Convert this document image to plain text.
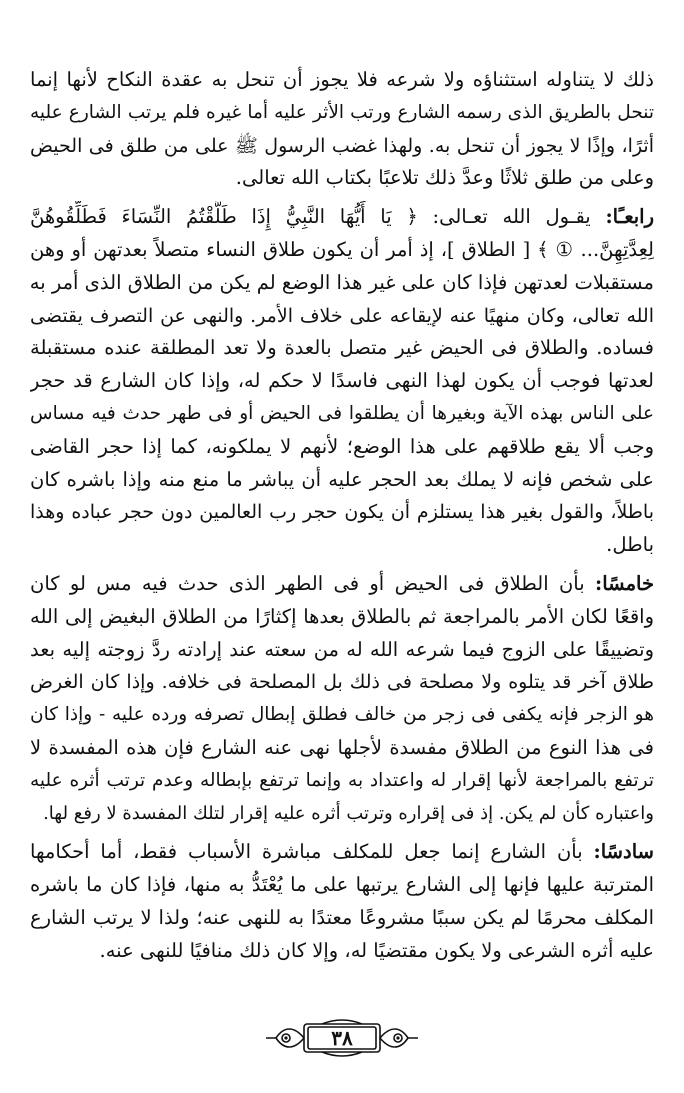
ذلك لا يتناوله استثناؤه ولا شرعه فلا يجوز أن تنحل به عقدة النكاح لأنها إنما
تنحل بالطريق الذى رسمه الشارع ورتب الأثر عليه أما غيره فلم يرتب الشارع عليه
أثرًا، وإذًا لا يجوز أن تنحل به. ولهذا غضب الرسول ﷺ على من طلق فى الحيض
وعلى من طلق ثلاثًا وعدَّ ذلك تلاعبًا بكتاب الله تعالى.
رابعـًا: يقـول الله تعـالى: ﴿ يَا أَيُّهَا النَّبِيُّ إِذَا طَلَّقْتُمُ النِّسَاءَ فَطَلِّقُوهُنَّ
لِعِدَّتِهِنَّ... ① ﴾ [ الطلاق ]، إذ أمر أن يكون طلاق النساء متصلاً بعدتهن أو وهن
مستقبلات لعدتهن فإذا كان على غير هذا الوضع لم يكن من الطلاق الذى أمر به
الله تعالى، وكان منهيًا عنه لإيقاعه على خلاف الأمر. والنهى عن التصرف يقتضى
فساده. والطلاق فى الحيض غير متصل بالعدة ولا تعد المطلقة عنده مستقبلة
لعدتها فوجب أن يكون لهذا النهى فاسدًا لا حكم له، وإذا كان الشارع قد حجر
على الناس بهذه الآية وبغيرها أن يطلقوا فى الحيض أو فى طهر حدث فيه مساس
وجب ألا يقع طلاقهم على هذا الوضع؛ لأنهم لا يملكونه، كما إذا حجر القاضى
على شخص فإنه لا يملك بعد الحجر عليه أن يباشر ما منع منه وإذا باشره كان
باطلاً، والقول بغير هذا يستلزم أن يكون حجر رب العالمين دون حجر عباده وهذا
باطل.
خامسًا: بأن الطلاق فى الحيض أو فى الطهر الذى حدث فيه مس لو كان
واقعًا لكان الأمر بالمراجعة ثم بالطلاق بعدها إكثارًا من الطلاق البغيض إلى الله
وتضييقًا على الزوج فيما شرعه الله له من سعته عند إرادته ردَّ زوجته إليه بعد
طلاق آخر قد يتلوه ولا مصلحة فى ذلك بل المصلحة فى خلافه. وإذا كان الغرض
هو الزجر فإنه يكفى فى زجر من خالف فطلق إبطال تصرفه ورده عليه - وإذا كان
فى هذا النوع من الطلاق مفسدة لأجلها نهى عنه الشارع فإن هذه المفسدة لا
ترتفع بالمراجعة لأنها إقرار له واعتداد به وإنما ترتفع بإبطاله وعدم ترتب أثره عليه
واعتباره كأن لم يكن. إذ فى إقراره وترتب أثره عليه إقرار لتلك المفسدة لا رفع لها.
سادسًا: بأن الشارع إنما جعل للمكلف مباشرة الأسباب فقط، أما أحكامها
المترتبة عليها فإنها إلى الشارع يرتبها على ما يُعْتَدُّ به منها، فإذا كان ما باشره
المكلف محرمًا لم يكن سببًا مشروعًا معتدًا به للنهى عنه؛ ولذا لا يرتب الشارع
عليه أثره الشرعى ولا يكون مقتضيًا له، وإلا كان ذلك منافيًا للنهى عنه.
٣٨
